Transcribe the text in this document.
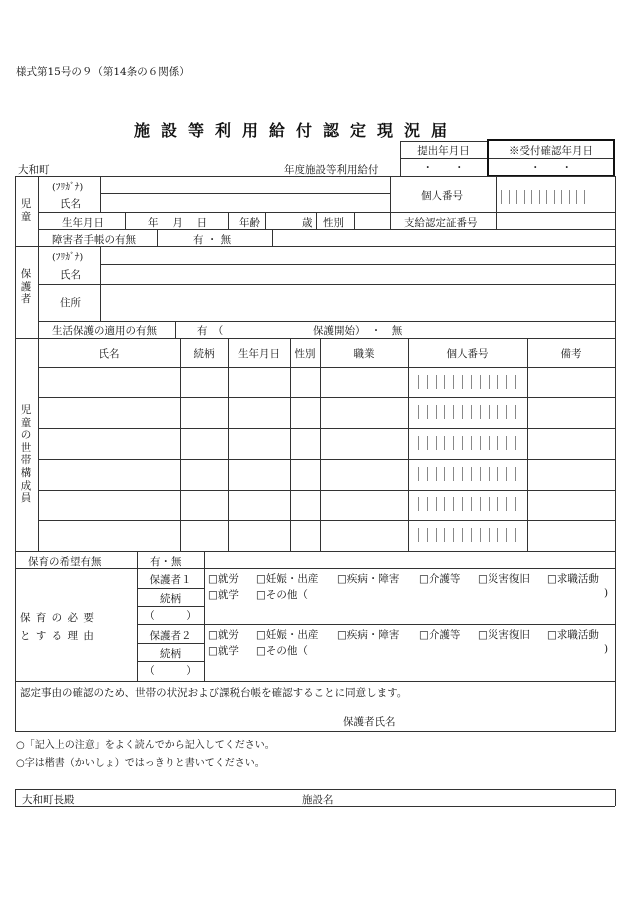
様式第15号の９（第14条の６関係）
施設等利用給付認定現況届
提出年月日	※受付確認年月日
・　　・	・　　・
大和町	年度施設等利用給付
児
童
(ﾌﾘｶﾞﾅ)
氏名
個人番号
生年月日	年　 月　 日	年齢	歳 性別	支給認定証番号
障害者手帳の有無	有 ・ 無
保
護
者
(ﾌﾘｶﾞﾅ)
氏名
住所
生活保護の適用の有無	有　（	保護開始）　・　無
児
童
の
世
帯
構
成
員
氏名	続柄	生年月日	性別	職業	個人番号	備考
保育の希望有無	有・無
保 育 の 必 要
と す る 理 由
保護者１
続柄
（　　　）
□就労 □妊娠・出産 □疾病・障害 □介護等 □災害復旧 □求職活動
□就学 □その他（	)
保護者２
続柄
（　　　）
□就労 □妊娠・出産 □疾病・障害 □介護等 □災害復旧 □求職活動
□就学 □その他（	)
認定事由の確認のため、世帯の状況および課税台帳を確認することに同意します。
保護者氏名
○「記入上の注意」をよく読んでから記入してください。
○字は楷書（かいしょ）ではっきりと書いてください。
大和町長殿	施設名
